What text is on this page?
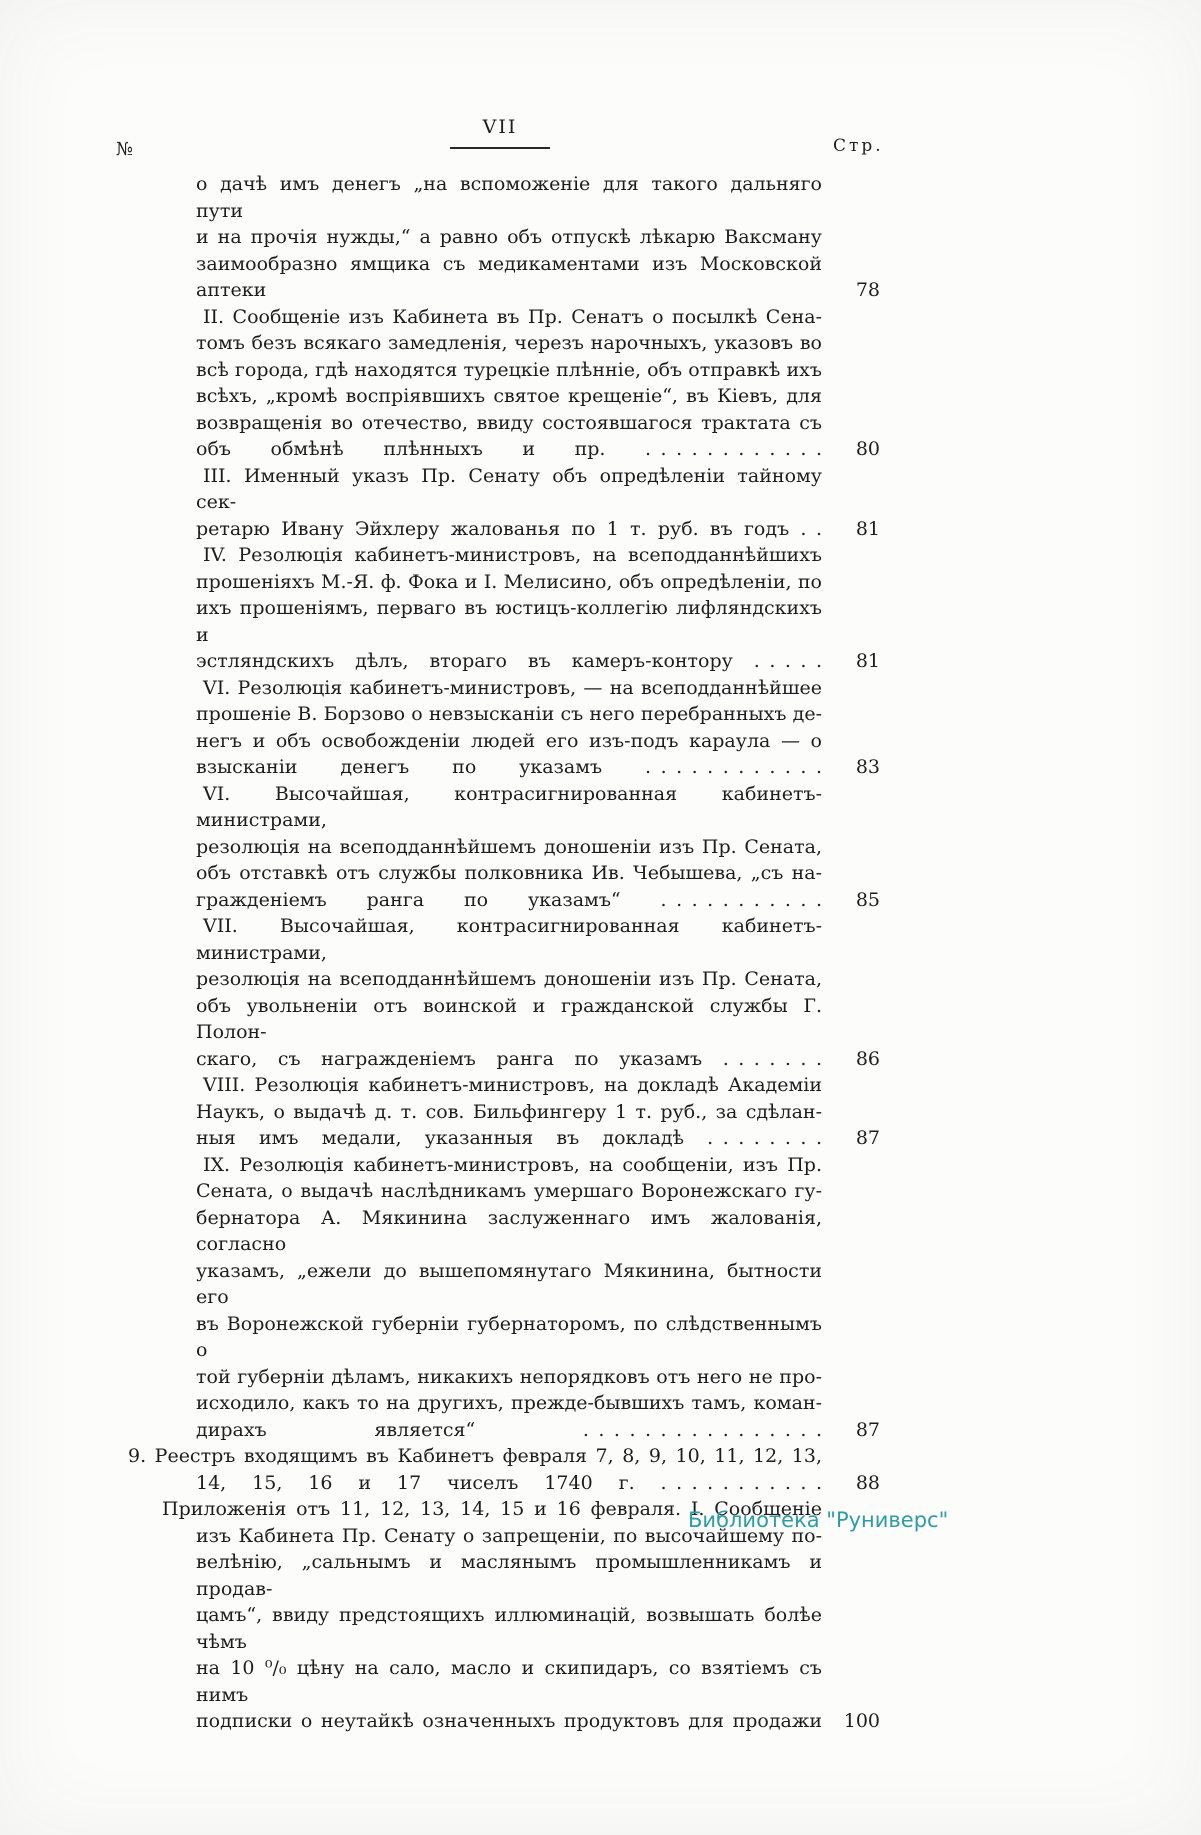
VII
№	Стр.
о дачѣ имъ денегъ „на вспоможеніе для такого дальняго пути
и на прочія нужды,“ а равно объ отпускѣ лѣкарю Ваксману
заимообразно ямщика съ медикаментами изъ Московской аптеки	78
II. Сообщеніе изъ Кабинета въ Пр. Сенатъ о посылкѣ Сена-
томъ безъ всякаго замедленія, черезъ нарочныхъ, указовъ во
всѣ города, гдѣ находятся турецкіе плѣнніе, объ отправкѣ ихъ
всѣхъ, „кромѣ воспріявшихъ святое крещеніе“, въ Кіевъ, для
возвращенія во отечество, ввиду состоявшагося трактата съ
объ обмѣнѣ плѣнныхъ и пр. . . . . . . . . . . . .	80
III. Именный указъ Пр. Сенату объ опредѣленіи тайному сек-
ретарю Ивану Эйхлеру жалованья по 1 т. руб. въ годъ . .	81
IV. Резолюція кабинетъ-министровъ, на всеподданнѣйшихъ
прошеніяхъ М.-Я. ф. Фока и І. Мелисино, объ опредѣленіи, по
ихъ прошеніямъ, перваго въ юстицъ-коллегію лифляндскихъ и
эстляндскихъ дѣлъ, втораго въ камеръ-контору . . . . .	81
VI. Резолюція кабинетъ-министровъ, — на всеподданнѣйшее
прошеніе В. Борзово о невзысканіи съ него перебранныхъ де-
негъ и объ освобожденіи людей его изъ-подъ караула — о
взысканіи денегъ по указамъ . . . . . . . . . . . .	83
VI. Высочайшая, контрасигнированная кабинетъ-министрами,
резолюція на всеподданнѣйшемъ доношеніи изъ Пр. Сената,
объ отставкѣ отъ службы полковника Ив. Чебышева, „съ на-
гражденіемъ ранга по указамъ“ . . . . . . . . . . .	85
VII. Высочайшая, контрасигнированная кабинетъ-министрами,
резолюція на всеподданнѣйшемъ доношеніи изъ Пр. Сената,
объ увольненіи отъ воинской и гражданской службы Г. Полон-
скаго, съ награжденіемъ ранга по указамъ . . . . . . .	86
VIII. Резолюція кабинетъ-министровъ, на докладѣ Академіи
Наукъ, о выдачѣ д. т. сов. Бильфингеру 1 т. руб., за сдѣлан-
ныя имъ медали, указанныя въ докладѣ . . . . . . . .	87
IX. Резолюція кабинетъ-министровъ, на сообщеніи, изъ Пр.
Сената, о выдачѣ наслѣдникамъ умершаго Воронежскаго гу-
бернатора А. Мякинина заслуженнаго имъ жалованія, согласно
указамъ, „ежели до вышепомянутаго Мякинина, бытности его
въ Воронежской губерніи губернаторомъ, по слѣдственнымъ о
той губерніи дѣламъ, никакихъ непорядковъ отъ него не про-
исходило, какъ то на другихъ, прежде-бывшихъ тамъ, коман-
дирахъ является“ . . . . . . . . . . . . . . . .	87
9. Реестръ входящимъ въ Кабинетъ февраля 7, 8, 9, 10, 11, 12, 13,
14, 15, 16 и 17 чиселъ 1740 г. . . . . . . . . . . .	88
Приложенія отъ 11, 12, 13, 14, 15 и 16 февраля. І. Сообщеніе
изъ Кабинета Пр. Сенату о запрещеніи, по высочайшему по-
велѣнію, „сальнымъ и маслянымъ промышленникамъ и продав-
цамъ“, ввиду предстоящихъ иллюминацій, возвышать болѣе чѣмъ
на 10 ⁰/₀ цѣну на сало, масло и скипидаръ, со взятіемъ съ нимъ
подписки о неутайкѣ означенныхъ продуктовъ для продажи	100
Библиотека "Руниверс"
